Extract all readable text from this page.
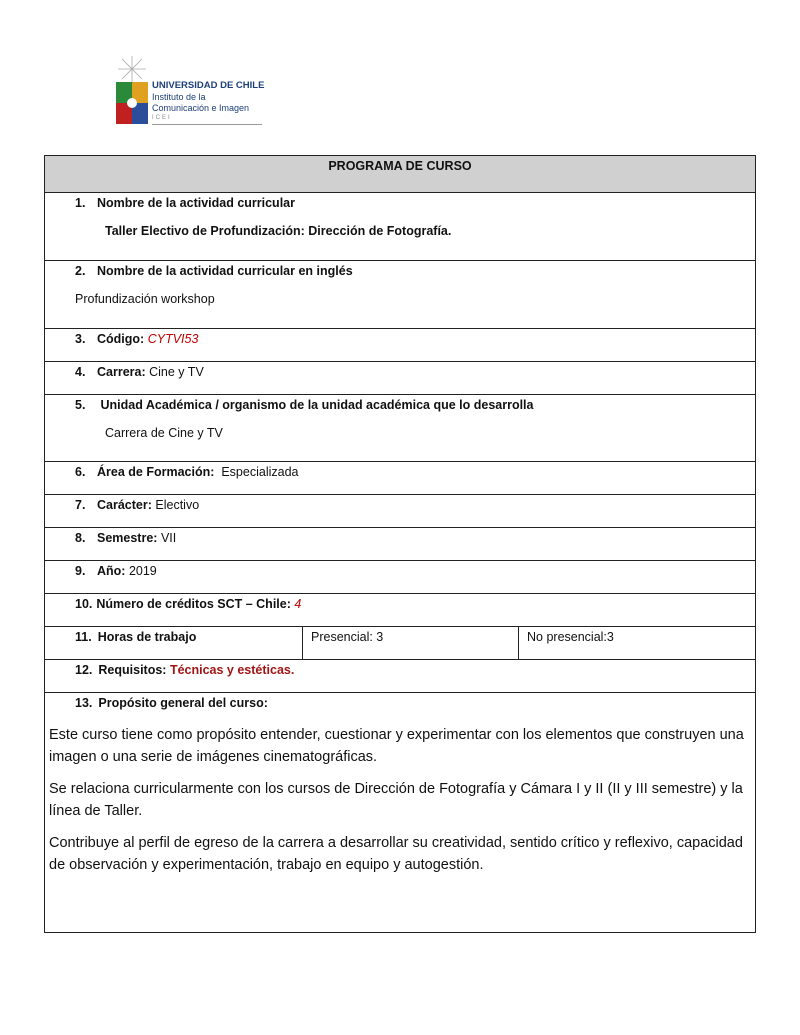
UNIVERSIDAD DE CHILE
Instituto de la
Comunicación e Imagen
ICEI
PROGRAMA DE CURSO

1. Nombre de la actividad curricular

Taller Electivo de Profundización: Dirección de Fotografía.

2. Nombre de la actividad curricular en inglés

Profundización workshop

3. Código: CYTVI53
4. Carrera: Cine y TV

5. Unidad Académica / organismo de la unidad académica que lo desarrolla

Carrera de Cine y TV

6. Área de Formación: Especializada
7. Carácter: Electivo
8. Semestre: VII
9. Año: 2019
10. Número de créditos SCT – Chile: 4
11. Horas de trabajo	Presencial: 3	No presencial:3
12. Requisitos: Técnicas y estéticas.

13. Propósito general del curso:

Este curso tiene como propósito entender, cuestionar y experimentar con los elementos que construyen una imagen o una serie de imágenes cinematográficas.

Se relaciona curricularmente con los cursos de Dirección de Fotografía y Cámara I y II (II y III semestre) y la línea de Taller.

Contribuye al perfil de egreso de la carrera a desarrollar su creatividad, sentido crítico y reflexivo, capacidad de observación y experimentación, trabajo en equipo y autogestión.
